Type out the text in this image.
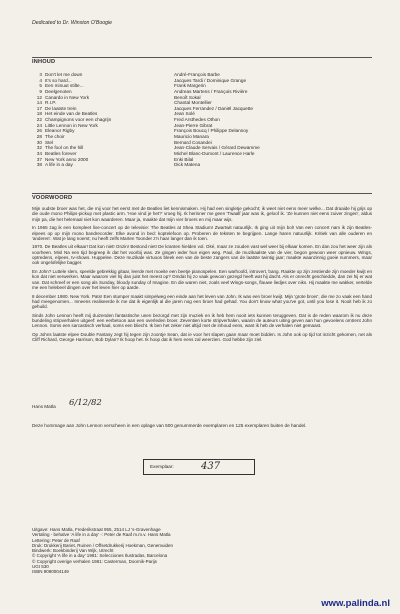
Dedicated to Dr. Winston O'Boogie
INHOUD
3 Don't let me down	André-François Barbe
4 It's so hard...	Jacques Tardi / Dominique Grange
5 Een minuut stilte...	Frank Margerin
9 Deelgenoten	Andreas Martens / François Rivière
12 Canardo in New York	Benoît Sokal
14 R.I.P.	Chantal Montellier
17 De laatste trein	Jacques Ferrandez / Daniël Jacquette
18 Het einde van de Beatles	Jean Solé
22 Champignons voor een chagrijn	Fred Arsthedes Othon
24 Little Lennon in New York	Jean-Pierre Gibrat
26 Eleanor Rigby	François Boucq / Philippe Delannoy
28 The choir	Mauricio Manara
30 Stel	Bernard Cosandei
32 The fool on the hill	Jean-Claude Servais / Gérard Dewamme
34 Beatles forever	Michel Blanc-Dumont / Laurence Harle
37 New York anno 2000	Enki Bilal
38 A life in a day	Dick Matena
VOORWOORD

Mijn oudste broer was het, die mij voor het eerst met de Beatles liet kennismaken. Hij had een singletje gekocht; ik weet niet eens meer welke... Dat draaide hij grijs op die oude mono Philips-pickup met plastic arm. 'Hoe vind je het?' vroeg hij. Ik herinner me geen 'Twaalf jaar was ik, geloof ik. 'Ze kunnen niet eens zuiver zingen', aldus mijn pa, die het helemaal niet kon waarderen. Maar ja, maakte dat mijn vier broers en mij maar wijs.

In 1965 zag ik een kompleet live-concert op de televisie: The Beatles at Shea Stadium! Zwartwit natuurlijk. Ik ging uit mijn bol! Van een concert nam ik zijn Beatles-elpees op op mijn mono bandrecorder. Elke avond in bed: koptelefoon op. Proberen de teksten te begrijpen. Lange haren natuurlijk. Kritiek van alle ouderen en 'anderen'. Wat je lang noemt; nu heeft zelfs Marten Toonder z'n haar langer dan ik toen.

1970. De Beatles uit elkaar! Dat kon niet! Onzin! Bestond niet! De kranten hielden vol. Oké, maar ze zouden vast wel weer bij elkaar komen. En dan zou het weer zijn als voorheen. Misl Na een tijd begreep ik dat het voorbij was. Ze gingen ieder hun eigen weg. Paul, de muzikaalste van de vier, begon gewoon weer opnieuw. Wings, optredens, elpees, tv-shows. Huppelee. Deze muzikale virtuoos bleek een van de beste zangers van de laatste twintig jaar; maakte waanzinnig goeie nummers, maar ook ongelofelijke bagger.

En John? Luttele slem, speelde gebrekkig gitaar, leerde met moeite een beetje pianospelen. Een warhoofd, introvert, bang. Raakte op zijn zestiende zijn moeder kwijt en kon dat niet verwerken. Maar waarom viel hij dan juist het meest op? Omdat hij zo vaak gewoon gezegd heeft wat hij dacht. Als er onrecht geschiedde, dan zei hij er wat van. Dat schreef er een song als Sunday, bloody sunday of Imagine. En die waren niet, zoals veel Wings-songs, flauwe liedjes over niks. Hij maakte me wakker, vertelde me een helebeel dingen over het leven hier op aarde.

8 december 1980. New York. Pats! Een stumper maakt simpelweg een einde aan het leven van John. Ik was een broer kwijt. Mijn 'grote broer', die me zo vaak een hand had meegenomen... Inneens realiseerde ik me dat ik eigenlijk al die jaren nog een broer had gehad. You don't know what you've got, until you lose it. Nooit heb ik zo gehuild.

Sinds John Lennon heeft mij duizenden fantastische unen bezorgd met zijn muziek en ik heb hem nooit iets kunnen teruggeven. Dat is de reden waarom ik nu deze bundeling stripverhalen uitgeef: een eerbetoon aan een overleden broer. Zeventien korte stripverhalen, waarin de auteurs uiting geven aan hun gevoelens omtrent John Lennon. Soms een sarcastisch verhaal, soms een bliecht. Ik ben het zeker niet altijd met de inhoud eens, want ik heb de verhalen niet gemaast.

Op Johns laatste elpee Double Fantasy zegt hij tegen zijn zoontje Sean, dat ie voor het slapen gaan maar moet bidden. Is John ook op tijd tot inzicht gekomen, net als Cliff Richard, George Harrison, Bob Dylan? Ik hoop het. Ik hoop dat ik hem eens zal weerzien. God hebbe zijn ziel.

Hans Matla 6/12/82
Deze hommage aan John Lennon verscheen in een oplage van 500 genummerde exemplaren en 125 exemplaren buiten de handel.
Exemplaar:	437
Uitgave: Hans Matla, Frederikstraat 955, 2514 LJ 's-Gravenhage
Vertaling - behalve 'A life in a day' -: Peter de Raaf m.m.v. Hans Matla
Lettering: Peter de Raaf
Druk: Drukkerij Bariet, Ruinen / Offsetdrukkerij Hoekman, Genemuiden
Bindwerk: Boekbinderij Van Wijk, Utrecht
© Copyright 'A life in a day' 1981: Selecciones Ilustradas, Barcelona
© Copyright overige verhalen 1981: Casterman, Doornik-Parijs
UGI 530
ISBN 9090004149
www.palinda.nl
